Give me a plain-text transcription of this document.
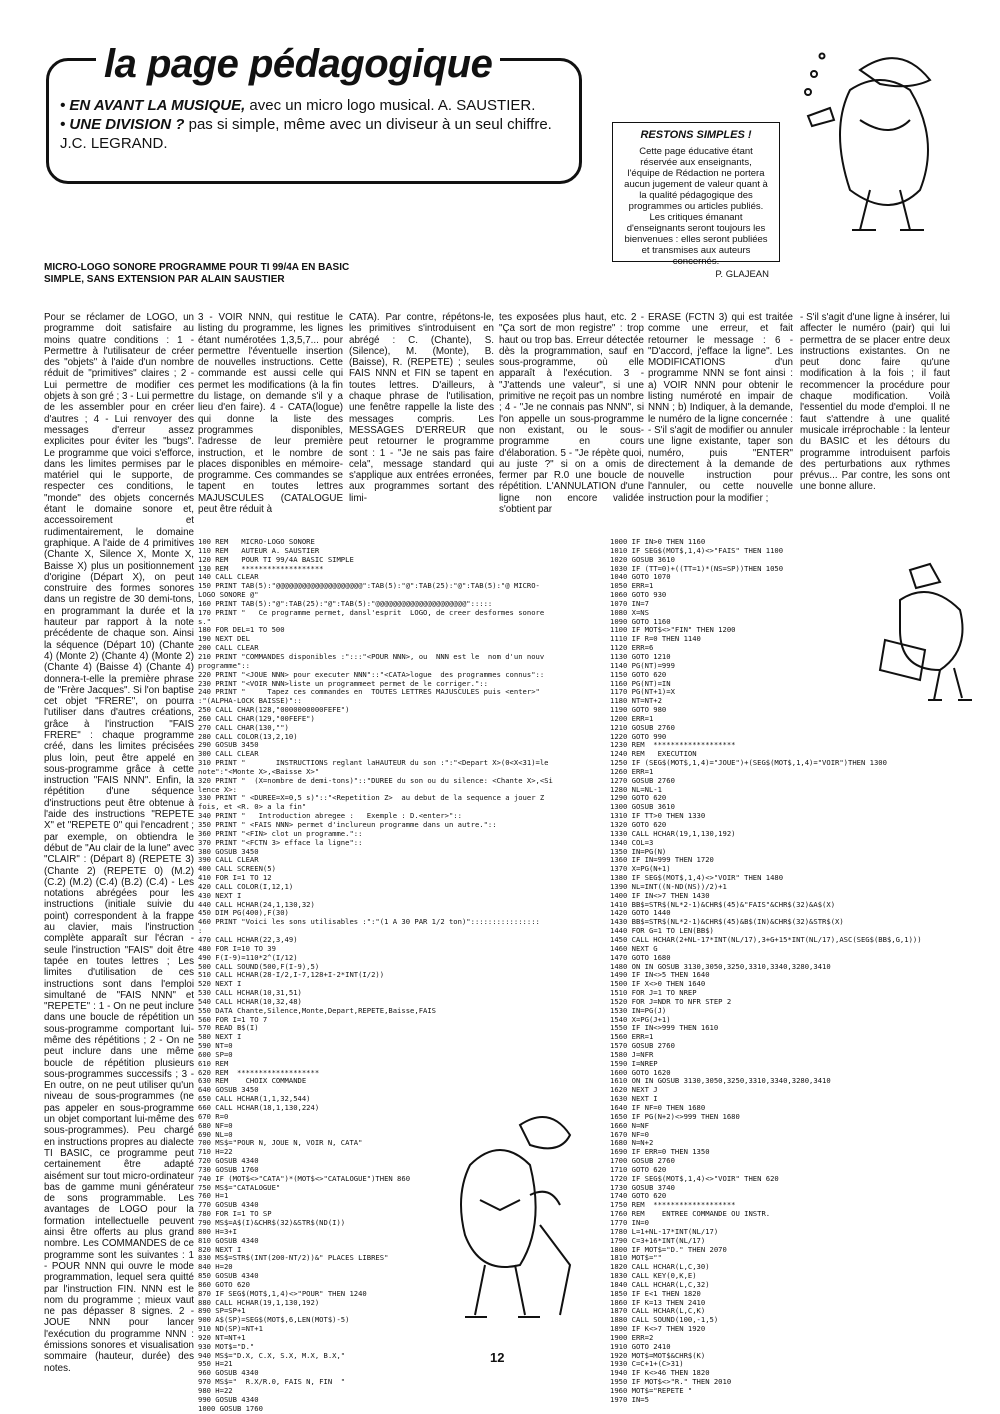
la page pédagogique

• EN AVANT LA MUSIQUE, avec un micro logo musical. A. SAUSTIER.

• UNE DIVISION ? pas si simple, même avec un diviseur à un seul chiffre. J.C. LEGRAND.	RESTONS SIMPLES !
Cette page éducative étant réservée aux enseignants, l'équipe de Rédaction ne portera aucun jugement de valeur quant à la qualité pédagogique des programmes ou articles publiés. Les critiques émanant d'enseignants seront toujours les bienvenues : elles seront publiées et transmises aux auteurs concernés.
P. GLAJEAN
MICRO-LOGO SONORE PROGRAMME POUR TI 99/4A EN BASIC SIMPLE, SANS EXTENSION PAR ALAIN SAUSTIER

Pour se réclamer de LOGO, un programme doit satisfaire au moins quatre conditions : 1 - Permettre à l'utilisateur de créer des "objets" à l'aide d'un nombre réduit de "primitives" claires ; 2 - Lui permettre de modifier ces objets à son gré ; 3 - Lui permettre de les assembler pour en créer d'autres ; 4 - Lui renvoyer des messages d'erreur assez explicites pour éviter les "bugs". Le programme que voici s'efforce, dans les limites permises par le matériel qui le supporte, de respecter ces conditions, le "monde" des objets concernés étant le domaine sonore et, accessoirement et rudimentairement, le domaine graphique. A l'aide de 4 primitives (Chante X, Silence X, Monte X, Baisse X) plus un positionnement d'origine (Départ X), on peut construire des formes sonores dans un registre de 30 demi-tons, en programmant la durée et la hauteur par rapport à la note précédente de chaque son. Ainsi la séquence (Départ 10) (Chante 4) (Monte 2) (Chante 4) (Monte 2) (Chante 4) (Baisse 4) (Chante 4) donnera-t-elle la première phrase de "Frère Jacques". Si l'on baptise cet objet "FRERE", on pourra l'utiliser dans d'autres créations, grâce à l'instruction "FAIS FRERE" : chaque programme créé, dans les limites précisées plus loin, peut être appelé en sous-programme grâce à cette instruction "FAIS NNN". Enfin, la répétition d'une séquence d'instructions peut être obtenue à l'aide des instructions "REPETE X" et "REPETE 0" qui l'encadrent ; par exemple, on obtiendra le début de "Au clair de la lune" avec "CLAIR" : (Départ 8) (REPETE 3) (Chante 2) (REPETE 0) (M.2) (C.2) (M.2) (C.4) (B.2) (C.4) - Les notations abrégées pour les instructions (initiale suivie du point) correspondent à la frappe au clavier, mais l'instruction complète apparaît sur l'écran - seule l'instruction "FAIS" doit être tapée en toutes lettres ; Les limites d'utilisation de ces instructions sont dans l'emploi simultané de "FAIS NNN" et "REPETE" : 1 - On ne peut inclure dans une boucle de répétition un sous-programme comportant lui-même des répétitions ; 2 - On ne peut inclure dans une même boucle de répétition plusieurs sous-programmes successifs ; 3 - En outre, on ne peut utiliser qu'un niveau de sous-programmes (ne pas appeler en sous-programme un objet comportant lui-même des sous-programmes). Peu chargé en instructions propres au dialecte TI BASIC, ce programme peut certainement être adapté aisément sur tout micro-ordinateur bas de gamme muni générateur de sons programmable. Les avantages de LOGO pour la formation intellectuelle peuvent ainsi être offerts au plus grand nombre. Les COMMANDES de ce programme sont les suivantes : 1 - POUR NNN qui ouvre le mode programmation, lequel sera quitté par l'instruction FIN. NNN est le nom du programme ; mieux vaut ne pas dépasser 8 signes. 2 - JOUE NNN pour lancer l'exécution du programme NNN : émissions sonores et visualisation sommaire (hauteur, durée) des notes.

3 - VOIR NNN, qui restitue le listing du programme, les lignes étant numérotées 1,3,5,7... pour permettre l'éventuelle insertion de nouvelles instructions. Cette commande est aussi celle qui permet les modifications (à la fin du listage, on demande s'il y a lieu d'en faire). 4 - CATA(logue) qui donne la liste des programmes disponibles, l'adresse de leur première instruction, et le nombre de places disponibles en mémoire-programme. Ces commandes se tapent en toutes lettres MAJUSCULES (CATALOGUE peut être réduit à

CATA). Par contre, répétons-le, les primitives s'introduisent en abrégé : C. (Chante), S. (Silence), M. (Monte), B. (Baisse), R. (REPETE) ; seules FAIS NNN et FIN se tapent en toutes lettres. D'ailleurs, à chaque phrase de l'utilisation, une fenêtre rappelle la liste des messages compris. Les MESSAGES D'ERREUR que peut retourner le programme sont : 1 - "Je ne sais pas faire cela", message standard qui s'applique aux entrées erronées, aux programmes sortant des limi-

tes exposées plus haut, etc. 2 - "Ça sort de mon registre" : trop haut ou trop bas. Erreur détectée dès la programmation, sauf en sous-programme, où elle apparaît à l'exécution. 3 - "J'attends une valeur", si une primitive ne reçoit pas un nombre ; 4 - "Je ne connais pas NNN", si l'on appelle un sous-programme non existant, ou le sous-programme en cours d'élaboration. 5 - "Je répète quoi, au juste ?" si on a omis de fermer par R.0 une boucle de répétition. L'ANNULATION d'une ligne non encore validée s'obtient par

ERASE (FCTN 3) qui est traitée comme une erreur, et fait retourner le message : 6 - "D'accord, j'efface la ligne". Les MODIFICATIONS d'un programme NNN se font ainsi : a) VOIR NNN pour obtenir le listing numéroté en impair de NNN ; b) Indiquer, à la demande, le numéro de la ligne concernée : - S'il s'agit de modifier ou annuler une ligne existante, taper son numéro, puis "ENTER" directement à la demande de nouvelle instruction pour l'annuler, ou cette nouvelle instruction pour la modifier ;

- S'il s'agit d'une ligne à insérer, lui affecter le numéro (pair) qui lui permettra de se placer entre deux instructions existantes. On ne peut donc faire qu'une modification à la fois ; il faut recommencer la procédure pour chaque modification. Voilà l'essentiel du mode d'emploi. Il ne faut s'attendre à une qualité musicale irréprochable : la lenteur du BASIC et les détours du programme introduisent parfois des perturbations aux rythmes prévus... Par contre, les sons ont une bonne allure.

100 REM   MICRO-LOGO SONORE
110 REM   AUTEUR A. SAUSTIER
120 REM   POUR TI 99/4A BASIC SIMPLE
130 REM   *******************
140 CALL CLEAR
150 PRINT TAB(5):"@@@@@@@@@@@@@@@@@@@@":TAB(5):"@":TAB(25):"@":TAB(5):"@ MICRO-
LOGO SONORE @"
160 PRINT TAB(5):"@":TAB(25):"@":TAB(5):"@@@@@@@@@@@@@@@@@@@@@":::::
170 PRINT "   Ce programme permet, dansl'esprit  LOGO, de creer desformes sonore
s."
180 FOR DEL=1 TO 500
190 NEXT DEL
200 CALL CLEAR
210 PRINT "COMMANDES disponibles :":::"<POUR NNN>, ou  NNN est le  nom d'un nouv
programme"::
220 PRINT "<JOUE NNN> pour executer NNN"::"<CATA>logue  des programmes connus"::
230 PRINT "<VOIR NNN>liste un programmeet permet de le corriger."::
240 PRINT "     Tapez ces commandes en  TOUTES LETTRES MAJUSCULES puis <enter>"
:"(ALPHA-LOCK BAISSE)"::
250 CALL CHAR(128,"0000000000FEFE")
260 CALL CHAR(129,"00FEFE")
270 CALL CHAR(130,"")
280 CALL COLOR(13,2,10)
290 GOSUB 3450
300 CALL CLEAR
310 PRINT "       INSTRUCTIONS reglant laHAUTEUR du son :":"<Depart X>(0<X<31)=le
note":"<Monte X>,<Baisse X>"
320 PRINT "  (X=nombre de demi-tons)"::"DUREE du son ou du silence: <Chante X>,<Si
lence X>:
330 PRINT " <DUREE=X=0,5 s)"::"<Repetition Z>  au debut de la sequence a jouer Z
fois, et <R. 0> a la fin"
340 PRINT "   Introduction abregee :   Exemple : D.<enter>"::
350 PRINT " <FAIS NNN> permet d'inclureun programme dans un autre."::
360 PRINT "<FIN> clot un programme."::
370 PRINT "<FCTN 3> efface la ligne"::
380 GOSUB 3450
390 CALL CLEAR
400 CALL SCREEN(5)
410 FOR I=1 TO 12
420 CALL COLOR(I,12,1)
430 NEXT I
440 CALL HCHAR(24,1,130,32)
450 DIM PG(400),F(30)
460 PRINT "Voici les sons utilisables :":"(1 A 30 PAR 1/2 ton)"::::::::::::::::
:
470 CALL HCHAR(22,3,49)
480 FOR I=10 TO 39
490 F(I-9)=110*2^(I/12)
500 CALL SOUND(500,F(I-9),5)
510 CALL HCHAR(28-I/2,I-7,128+I-2*INT(I/2))
520 NEXT I
530 CALL HCHAR(10,31,51)
540 CALL HCHAR(10,32,48)
550 DATA Chante,Silence,Monte,Depart,REPETE,Baisse,FAIS
560 FOR I=1 TO 7
570 READ B$(I)
580 NEXT I
590 NT=0
600 SP=0
610 REM
620 REM  *******************
630 REM    CHOIX COMMANDE
640 GOSUB 3450
650 CALL HCHAR(1,1,32,544)
660 CALL HCHAR(18,1,130,224)
670 R=0
680 NF=0
690 NL=0
700 MS$="POUR N, JOUE N, VOIR N, CATA"
710 H=22
720 GOSUB 4340
730 GOSUB 1760
740 IF (MOT$<>"CATA")*(MOT$<>"CATALOGUE")THEN 860
750 MS$="CATALOGUE"
760 H=1
770 GOSUB 4340
780 FOR I=1 TO SP
790 MS$=A$(I)&CHR$(32)&STR$(ND(I))
800 H=3+I
810 GOSUB 4340
820 NEXT I
830 MS$=STR$(INT(200-NT/2))&" PLACES LIBRES"
840 H=20
850 GOSUB 4340
860 GOTO 620
870 IF SEG$(MOT$,1,4)<>"POUR" THEN 1240
880 CALL HCHAR(19,1,130,192)
890 SP=SP+1
900 A$(SP)=SEG$(MOT$,6,LEN(MOT$)-5)
910 ND(SP)=NT+1
920 NT=NT+1
930 MOT$="D."
940 MS$="D.X, C.X, S.X, M.X, B.X,"
950 H=21
960 GOSUB 4340
970 MS$="  R.X/R.0, FAIS N, FIN  "
980 H=22
990 GOSUB 4340
1000 GOSUB 1760
1000 IF IN>0 THEN 1160
1010 IF SEG$(MOT$,1,4)<>"FAIS" THEN 1100
1020 GOSUB 3610
1030 IF (TT=0)+((TT=1)*(NS=SP))THEN 1050
1040 GOTO 1070
1050 ERR=1
1060 GOTO 930
1070 IN=7
1080 X=NS
1090 GOTO 1160
1100 IF MOT$<>"FIN" THEN 1200
1110 IF R=0 THEN 1140
1120 ERR=6
1130 GOTO 1210
1140 PG(NT)=999
1150 GOTO 620
1160 PG(NT)=IN
1170 PG(NT+1)=X
1180 NT=NT+2
1190 GOTO 980
1200 ERR=1
1210 GOSUB 2760
1220 GOTO 990
1230 REM  *******************
1240 REM   EXECUTION
1250 IF (SEG$(MOT$,1,4)="JOUE")+(SEG$(MOT$,1,4)="VOIR")THEN 1300
1260 ERR=1
1270 GOSUB 2760
1280 NL=NL-1
1290 GOTO 620
1300 GOSUB 3610
1310 IF TT>0 THEN 1330
1320 GOTO 620
1330 CALL HCHAR(19,1,130,192)
1340 COL=3
1350 IN=PG(N)
1360 IF IN=999 THEN 1720
1370 X=PG(N+1)
1380 IF SEG$(MOT$,1,4)<>"VOIR" THEN 1480
1390 NL=INT((N-ND(NS))/2)+1
1400 IF IN<>7 THEN 1430
1410 BB$=STR$(NL*2-1)&CHR$(45)&"FAIS"&CHR$(32)&A$(X)
1420 GOTO 1440
1430 BB$=STR$(NL*2-1)&CHR$(45)&B$(IN)&CHR$(32)&STR$(X)
1440 FOR G=1 TO LEN(BB$)
1450 CALL HCHAR(2+NL-17*INT(NL/17),3+G+15*INT(NL/17),ASC(SEG$(BB$,G,1)))
1460 NEXT G
1470 GOTO 1680
1480 ON IN GOSUB 3130,3050,3250,3310,3340,3280,3410
1490 IF IN<>5 THEN 1640
1500 IF X<>0 THEN 1640
1510 FOR J=1 TO NREP
1520 FOR J=NDR TO NFR STEP 2
1530 IN=PG(J)
1540 X=PG(J+1)
1550 IF IN<>999 THEN 1610
1560 ERR=1
1570 GOSUB 2760
1580 J=NFR
1590 I=NREP
1600 GOTO 1620
1610 ON IN GOSUB 3130,3050,3250,3310,3340,3280,3410
1620 NEXT J
1630 NEXT I
1640 IF NF=0 THEN 1680
1650 IF PG(N+2)<>999 THEN 1680
1660 N=NF
1670 NF=0
1680 N=N+2
1690 IF ERR=0 THEN 1350
1700 GOSUB 2760
1710 GOTO 620
1720 IF SEG$(MOT$,1,4)<>"VOIR" THEN 620
1730 GOSUB 3740
1740 GOTO 620
1750 REM  *******************
1760 REM    ENTREE COMMANDE OU INSTR.
1770 IN=0
1780 L=1+NL-17*INT(NL/17)
1790 C=3+16*INT(NL/17)
1800 IF MOT$="D." THEN 2070
1810 MOT$=""
1820 CALL HCHAR(L,C,30)
1830 CALL KEY(0,K,E)
1840 CALL HCHAR(L,C,32)
1850 IF E<1 THEN 1820
1860 IF K=13 THEN 2410
1870 CALL HCHAR(L,C,K)
1880 CALL SOUND(100,-1,5)
1890 IF K<>7 THEN 1920
1900 ERR=2
1910 GOTO 2410
1920 MOT$=MOT$&CHR$(K)
1930 C=C+1+(C>31)
1940 IF K<>46 THEN 1820
1950 IF MOT$<>"R." THEN 2010
1960 MOT$="REPETE "
1970 IN=5
12
